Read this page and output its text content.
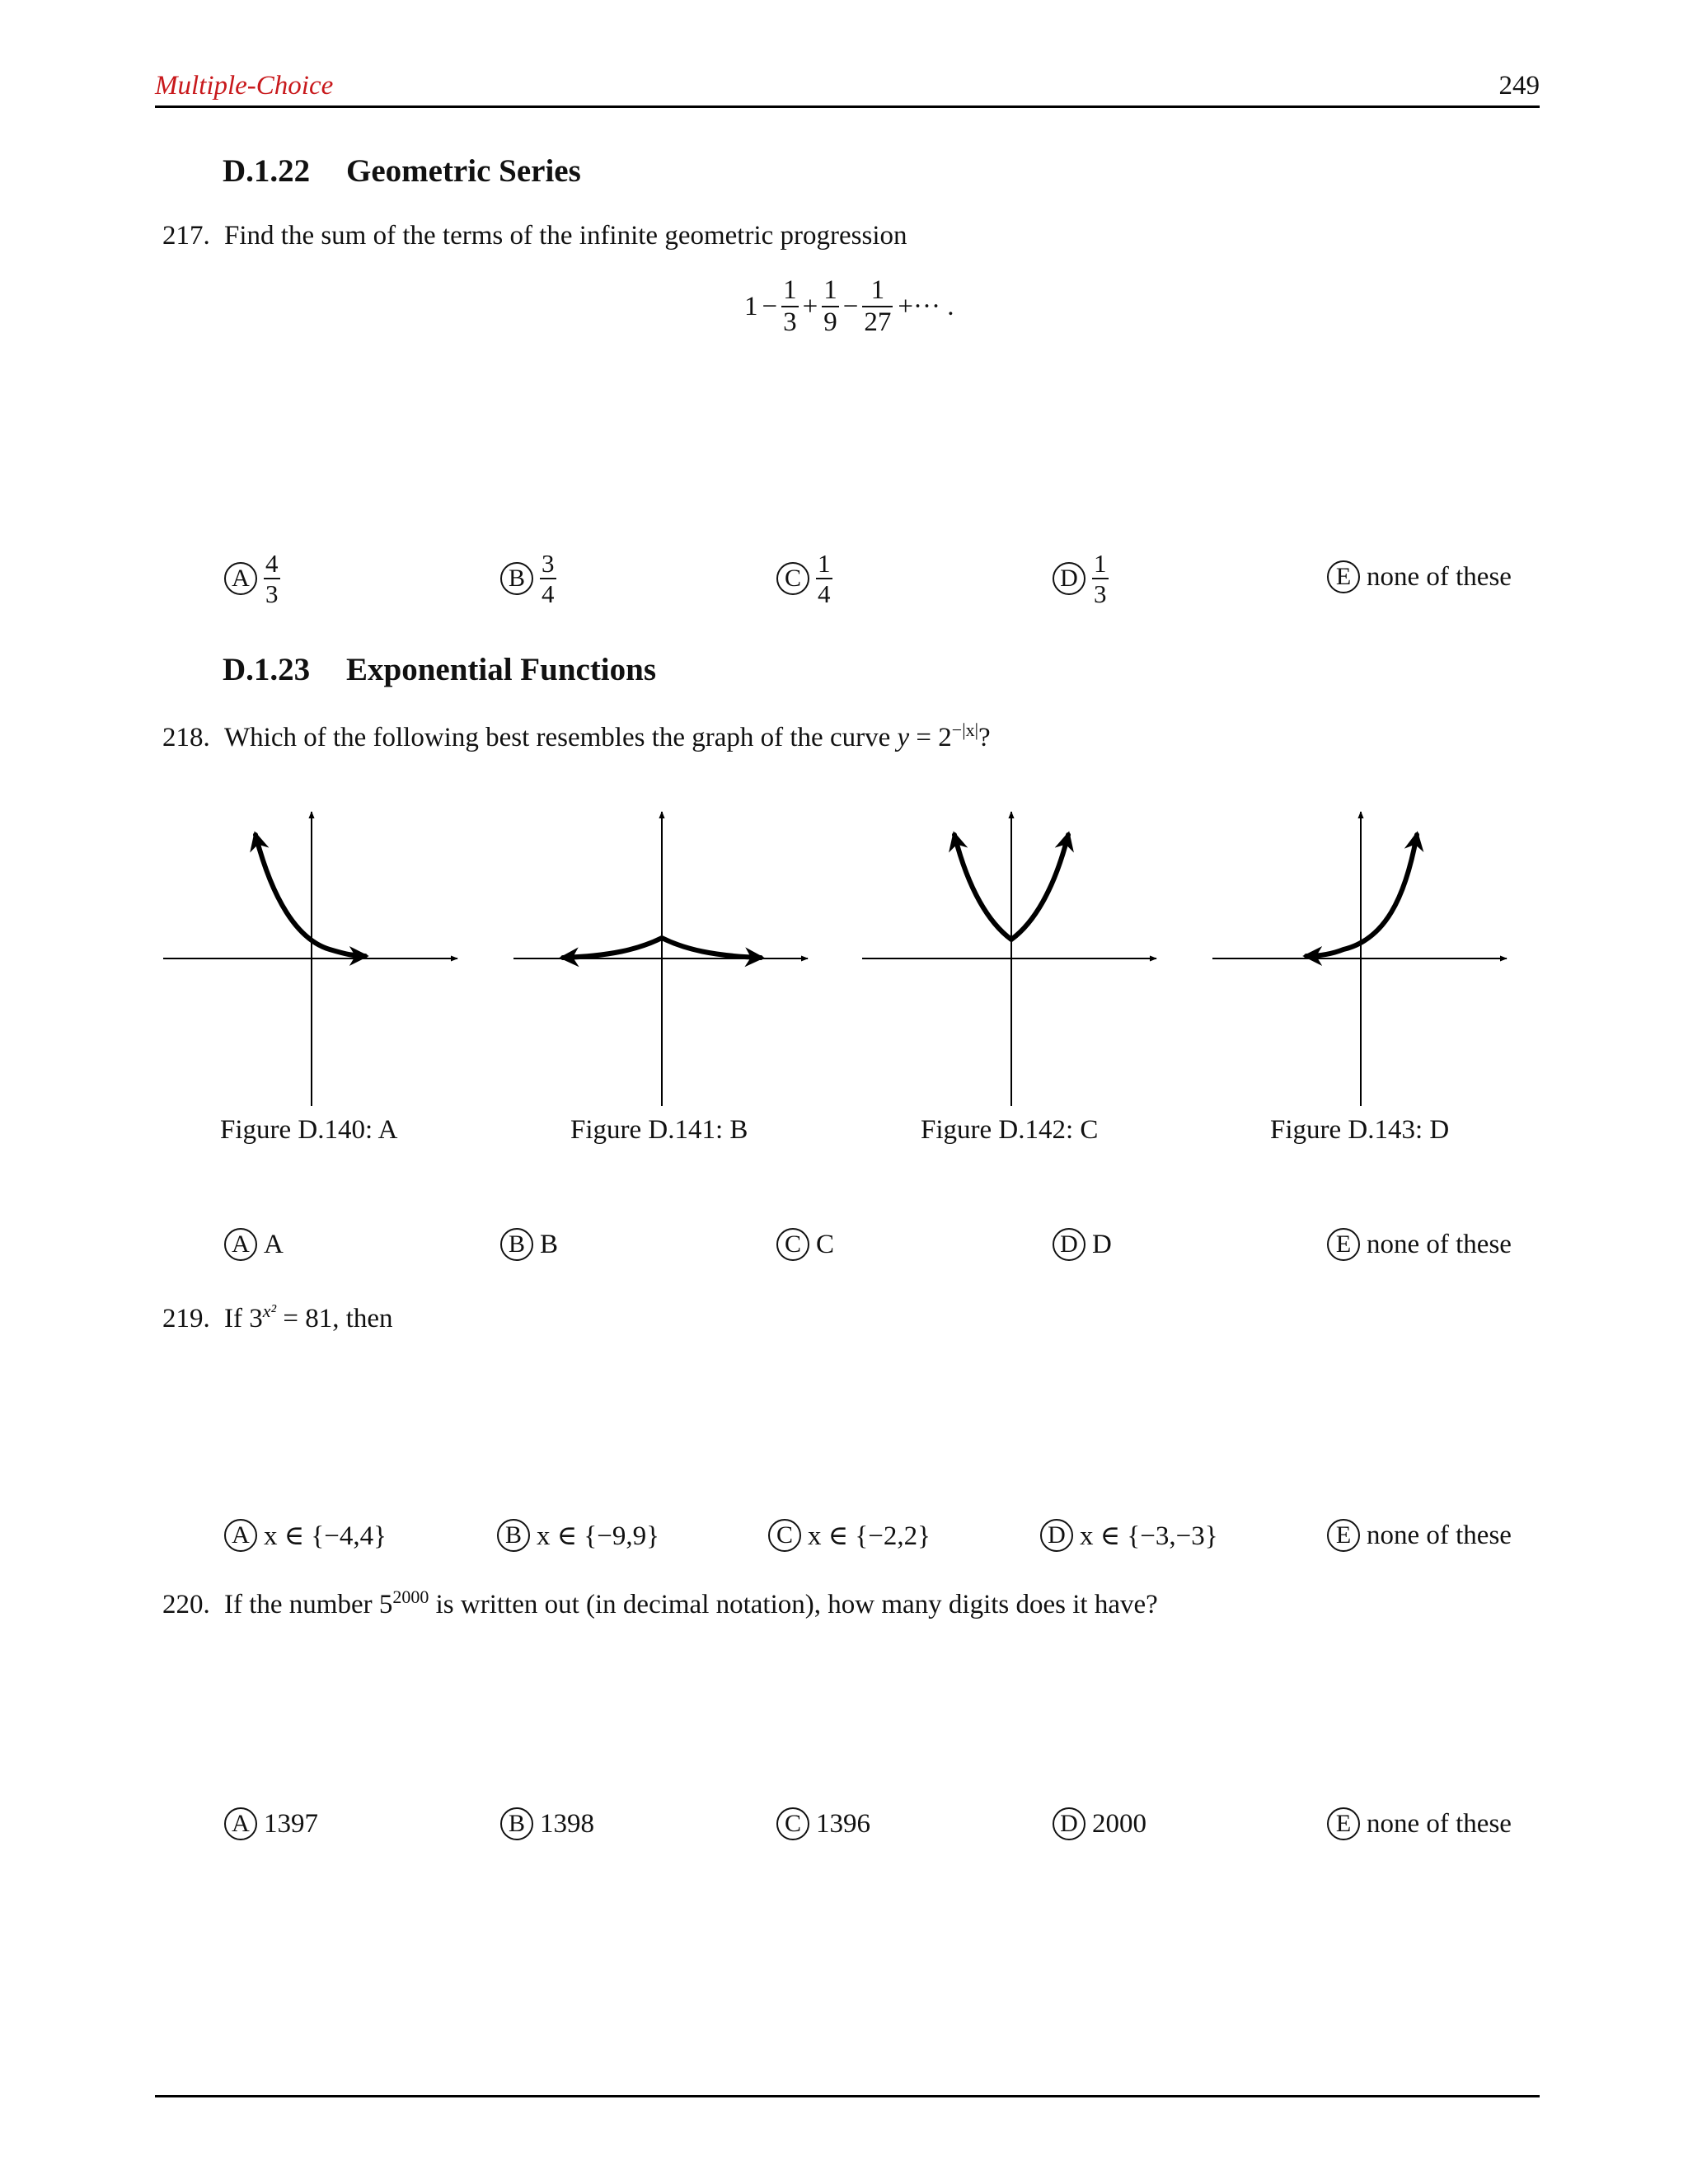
Multiple-Choice	249
D.1.22 Geometric Series
217. Find the sum of the terms of the infinite geometric progression
$1 - \frac{1}{3} + \frac{1}{9} - \frac{1}{27}$ +··· .
A $\frac{4}{3}$	B $\frac{3}{4}$	C $\frac{1}{4}$	D $\frac{1}{3}$	E none of these
D.1.23 Exponential Functions
218. Which of the following best resembles the graph of the curve $y = 2^{-|x|}$?
Figure D.140: A	Figure D.141: B	Figure D.142: C	Figure D.143: D
A A	B B	C C	D D	E none of these
219. If $3^{x^2} = 81$, then
A x ∈ {−4,4}	B x ∈ {−9,9}	C x ∈ {−2,2}	D x ∈ {−3,−3}	E none of these
220. If the number $5^{2000}$ is written out (in decimal notation), how many digits does it have?
A 1397	B 1398	C 1396	D 2000	E none of these
